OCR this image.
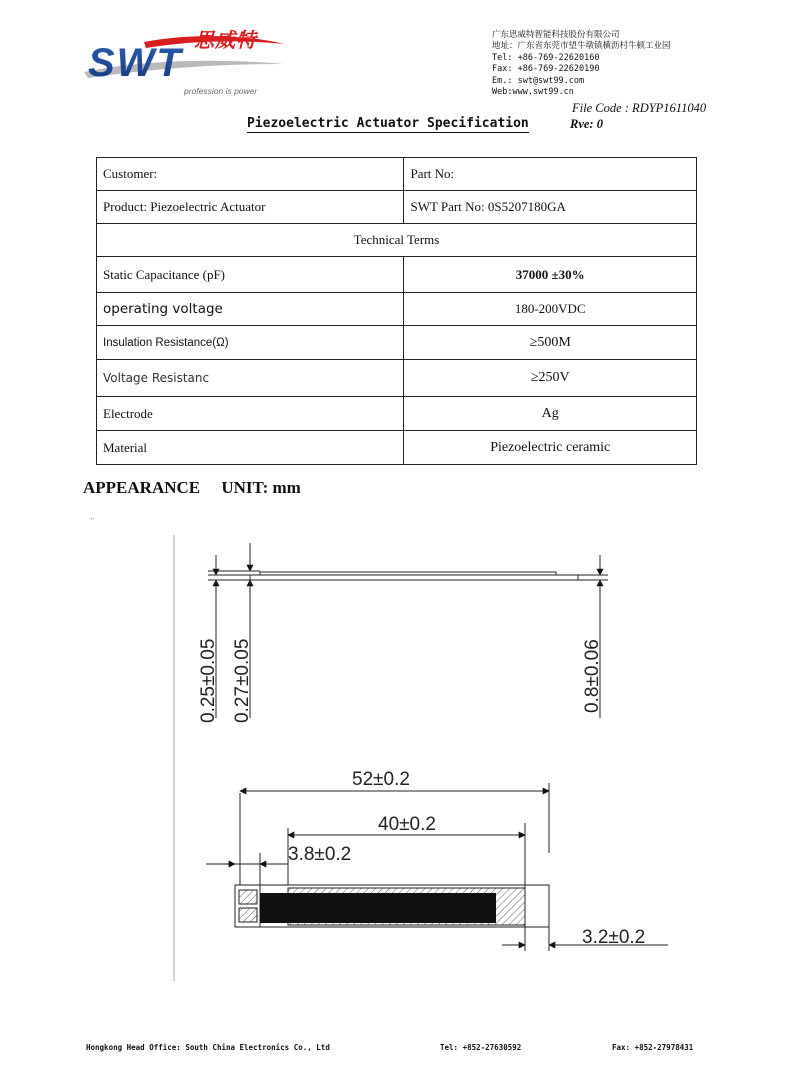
SWT
profession is power
广东思威特智能科技股份有限公司
地址：广东省东莞市望牛墩镇横沥村牛顿工业园
Tel: +86-769-22620160
Fax: +86-769-22620190
Em.: swt@swt99.com
Web:www.swt99.cn
File Code : RDYP1611040
Piezoelectric Actuator Specification	Rve: 0
Customer:	Part No:
Product: Piezoelectric Actuator	SWT Part No: 0S5207180GA
Technical Terms	
Static Capacitance (pF)	37000 ±30%
operating voltage	180-200VDC
Insulation Resistance(Ω)	≥500M
Voltage Resistanc	≥250V
Electrode	Ag
Material	Piezoelectric ceramic
APPEARANCE     UNIT: mm
"
0.25±0.05 0.27±0.05	0.8±0.06
52±0.2
40±0.2
3.8±0.2
3.2±0.2
Hongkong Head Office: South China Electronics Co., Ltd	Tel: +852-27630592	Fax: +852-27978431
